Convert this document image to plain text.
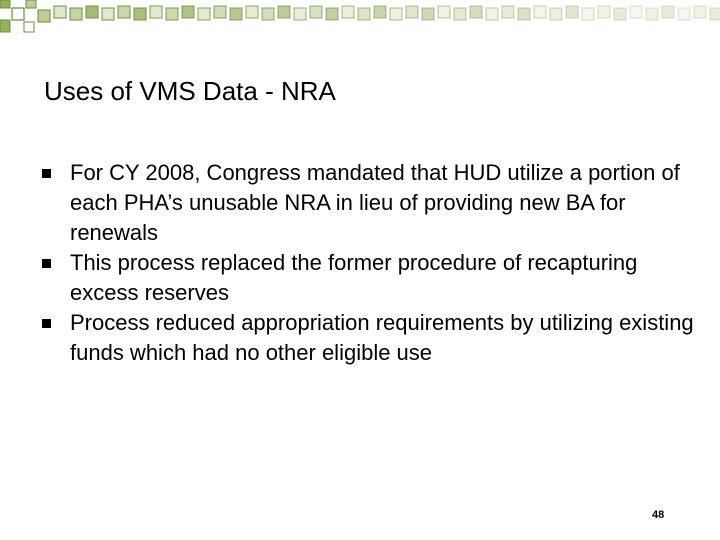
Uses of VMS Data - NRA
For CY 2008, Congress mandated that HUD utilize a portion of each PHA’s unusable NRA in lieu of providing new BA for renewals
This process replaced the former procedure of recapturing excess reserves
Process reduced appropriation requirements by utilizing existing funds which had no other eligible use
48
